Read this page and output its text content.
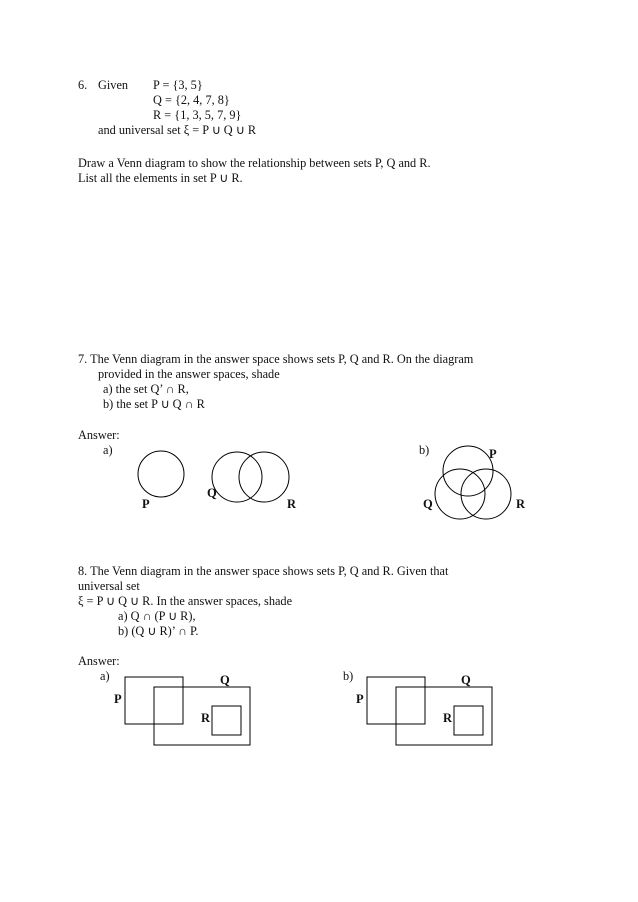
6. Given P = {3, 5}
Q = {2, 4, 7, 8}
R = {1, 3, 5, 7, 9}
and universal set ξ = P ∪ Q ∪ R
Draw a Venn diagram to show the relationship between sets P, Q and R.
List all the elements in set P ∪ R.
7. The Venn diagram in the answer space shows sets P, Q and R. On the diagram
provided in the answer spaces, shade
a) the set Q’ ∩ R,
b) the set P ∪ Q ∩ R
Answer:
a)	b)
8. The Venn diagram in the answer space shows sets P, Q and R. Given that
universal set
ξ = P ∪ Q ∪ R. In the answer spaces, shade
a) Q ∩ (P ∪ R),
b) (Q ∪ R)’ ∩ P.
Answer:
a)	b)
P
Q
R
P
Q	R
P
Q
R
P
Q
R
